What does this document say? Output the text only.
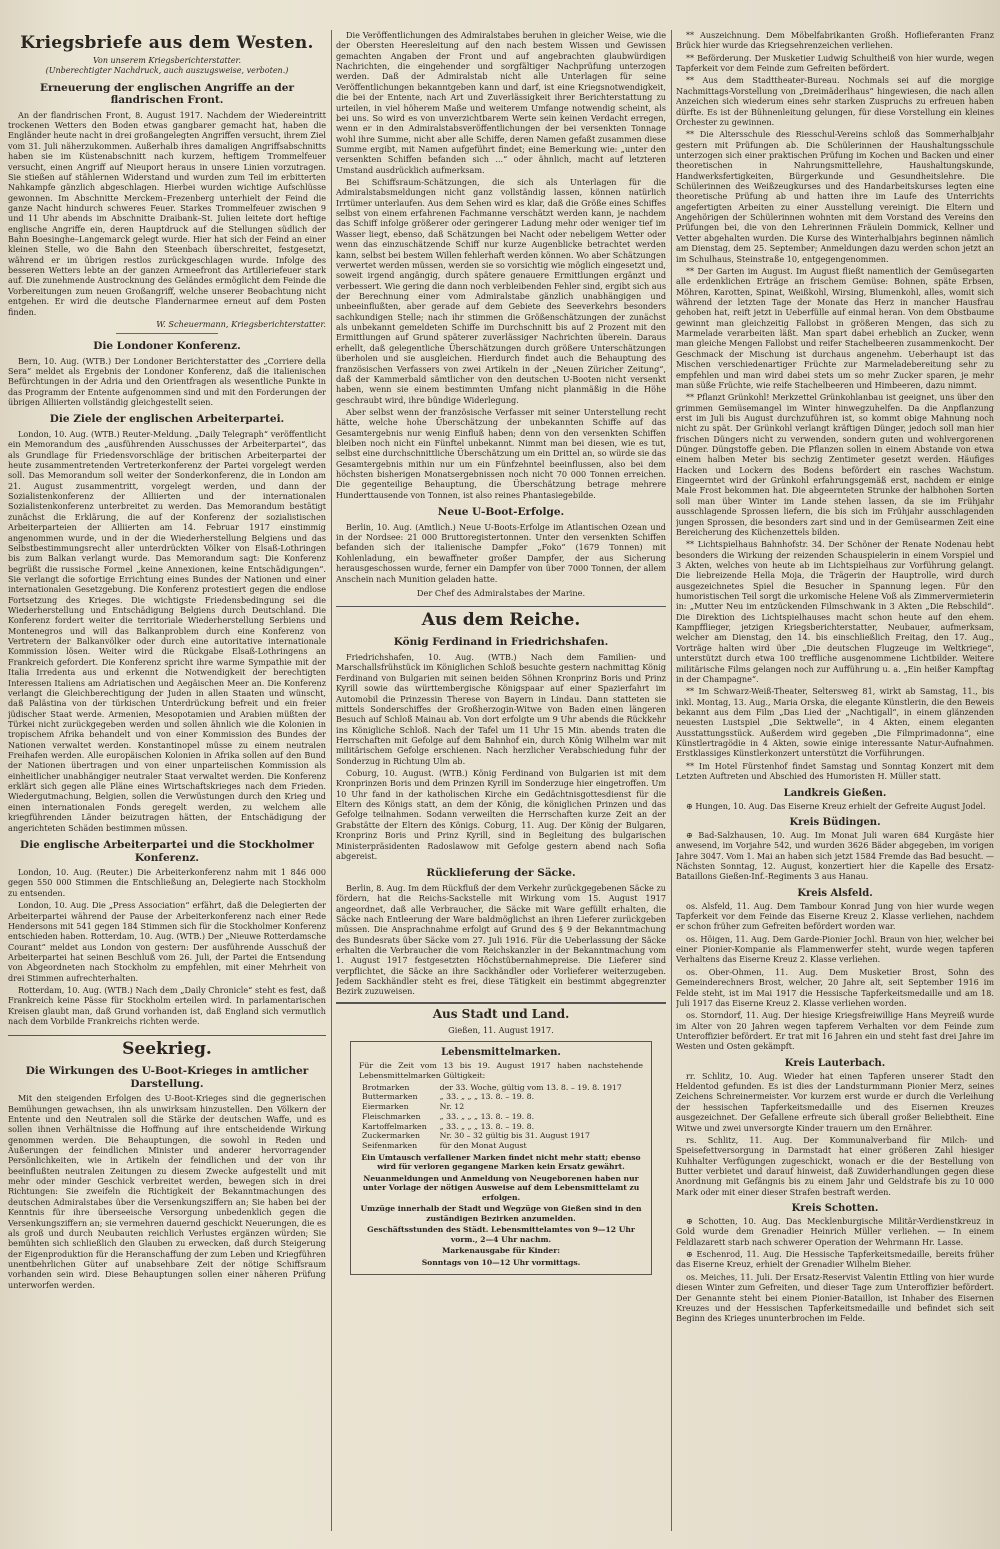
Kriegsbriefe aus dem Westen.
Von unserem Kriegsberichterstatter.
(Unberechtigter Nachdruck, auch auszugsweise, verboten.)
Erneuerung der englischen Angriffe an der flandrischen Front.

An der flandrischen Front, 8. August 1917. Nachdem der Wiedereintritt trockenen Wetters den Boden etwas gangbarer gemacht hat, haben die Engländer heute nacht in drei großangelegten Angriffen versucht, ihrem Ziel vom 31. Juli näherzukommen. Außerhalb ihres damaligen Angriffsabschnitts haben sie im Küstenabschnitt nach kurzem, heftigem Trommelfeuer versucht, einen Angriff auf Nieuport heraus in unsere Linien vorzutragen. Sie stießen auf stählernen Widerstand und wurden zum Teil im erbitterten Nahkampfe gänzlich abgeschlagen. Hierbei wurden wichtige Aufschlüsse gewonnen. Im Abschnitte Merckem–Frezenberg unterhielt der Feind die ganze Nacht hindurch schweres Feuer. Starkes Trommelfeuer zwischen 9 und 11 Uhr abends im Abschnitte Draibank–St. Julien leitete dort heftige englische Angriffe ein, deren Hauptdruck auf die Stellungen südlich der Bahn Boesinghe–Langemarck gelegt wurde. Hier hat sich der Feind an einer kleinen Stelle, wo die Bahn den Steenbach überschreitet, festgesetzt, während er im übrigen restlos zurückgeschlagen wurde. Infolge des besseren Wetters lebte an der ganzen Armeefront das Artilleriefeuer stark auf. Die zunehmende Austrocknung des Geländes ermöglicht dem Feinde die Vorbereitungen zum neuen Großangriff, welche unserer Beobachtung nicht entgehen. Er wird die deutsche Flandernarmee erneut auf dem Posten finden.

W. Scheuermann, Kriegsberichterstatter.
Die Londoner Konferenz.

Bern, 10. Aug. (WTB.) Der Londoner Berichterstatter des „Corriere della Sera“ meldet als Ergebnis der Londoner Konferenz, daß die italienischen Befürchtungen in der Adria und den Orientfragen als wesentliche Punkte in das Programm der Entente aufgenommen sind und mit den Forderungen der übrigen Alliierten vollständig gleichgestellt seien.

Die Ziele der englischen Arbeiterpartei.

London, 10. Aug. (WTB.) Reuter-Meldung. „Daily Telegraph“ veröffentlicht ein Memorandum des „ausführenden Ausschusses der Arbeiterpartei“, das als Grundlage für Friedensvorschläge der britischen Arbeiterpartei der heute zusammentretenden Vertreterkonferenz der Partei vorgelegt werden soll. Das Memorandum soll weiter der Sonderkonferenz, die in London am 21. August zusammentritt, vorgelegt werden, und dann der Sozialistenkonferenz der Alliierten und der internationalen Sozialistenkonferenz unterbreitet zu werden. Das Memorandum bestätigt zunächst die Erklärung, die auf der Konferenz der sozialistischen Arbeiterparteien der Alliierten am 14. Februar 1917 einstimmig angenommen wurde, und in der die Wiederherstellung Belgiens und das Selbstbestimmungsrecht aller unterdrückten Völker von Elsaß-Lothringen bis zum Balkan verlangt wurde. Das Memorandum sagt: Die Konferenz begrüßt die russische Formel „keine Annexionen, keine Entschädigungen“. Sie verlangt die sofortige Errichtung eines Bundes der Nationen und einer internationalen Gesetzgebung. Die Konferenz protestiert gegen die endlose Fortsetzung des Krieges. Die wichtigste Friedensbedingung sei die Wiederherstellung und Entschädigung Belgiens durch Deutschland. Die Konferenz fordert weiter die territoriale Wiederherstellung Serbiens und Montenegros und will das Balkanproblem durch eine Konferenz von Vertretern der Balkanvölker oder durch eine autoritative internationale Kommission lösen. Weiter wird die Rückgabe Elsaß-Lothringens an Frankreich gefordert. Die Konferenz spricht ihre warme Sympathie mit der Italia Irredenta aus und erkennt die Notwendigkeit der berechtigten Interessen Italiens am Adriatischen und Aegäischen Meer an. Die Konferenz verlangt die Gleichberechtigung der Juden in allen Staaten und wünscht, daß Palästina von der türkischen Unterdrückung befreit und ein freier jüdischer Staat werde. Armenien, Mesopotamien und Arabien müßten der Türkei nicht zurückgegeben werden und sollen ähnlich wie die Kolonien in tropischem Afrika behandelt und von einer Kommission des Bundes der Nationen verwaltet werden. Konstantinopel müsse zu einem neutralen Freihafen werden. Alle europäischen Kolonien in Afrika sollen auf den Bund der Nationen übertragen und von einer unparteiischen Kommission als einheitlicher unabhängiger neutraler Staat verwaltet werden. Die Konferenz erklärt sich gegen alle Pläne eines Wirtschaftskrieges nach dem Frieden. Wiedergutmachung, Belgien, sollen die Verwüstungen durch den Krieg und einen internationalen Fonds geregelt werden, zu welchem alle kriegführenden Länder beizutragen hätten, der Entschädigung der angerichteten Schäden bestimmen müssen.

Die englische Arbeiterpartei und die Stockholmer Konferenz.

London, 10. Aug. (Reuter.) Die Arbeiterkonferenz nahm mit 1 846 000 gegen 550 000 Stimmen die Entschließung an, Delegierte nach Stockholm zu entsenden.

London, 10. Aug. Die „Press Association“ erfährt, daß die Delegierten der Arbeiterpartei während der Pause der Arbeiterkonferenz nach einer Rede Hendersons mit 541 gegen 184 Stimmen sich für die Stockholmer Konferenz entschieden haben. Rotterdam, 10. Aug. (WTB.) Der „Nieuwe Rotterdamsche Courant“ meldet aus London von gestern: Der ausführende Ausschuß der Arbeiterpartei hat seinen Beschluß vom 26. Juli, der Partei die Entsendung von Abgeordneten nach Stockholm zu empfehlen, mit einer Mehrheit von drei Stimmen aufrechterhalten.

Rotterdam, 10. Aug. (WTB.) Nach dem „Daily Chronicle“ steht es fest, daß Frankreich keine Pässe für Stockholm erteilen wird. In parlamentarischen Kreisen glaubt man, daß Grund vorhanden ist, daß England sich vermutlich nach dem Vorbilde Frankreichs richten werde.

Seekrieg.
Die Wirkungen des U-Boot-Krieges in amtlicher Darstellung.

Mit den steigenden Erfolgen des U-Boot-Krieges sind die gegnerischen Bemühungen gewachsen, ihn als unwirksam hinzustellen. Den Völkern der Entente und den Neutralen soll die Stärke der deutschen Waffe, und es sollen ihnen Verhältnisse die Hoffnung auf ihre entscheidende Wirkung genommen werden. Die Behauptungen, die sowohl in Reden und Äußerungen der feindlichen Minister und anderer hervorragender Persönlichkeiten, wie in Artikeln der feindlichen und der von ihr beeinflußten neutralen Zeitungen zu diesem Zwecke aufgestellt und mit mehr oder minder Geschick verbreitet werden, bewegen sich in drei Richtungen: Sie zweifeln die Richtigkeit der Bekanntmachungen des deutschen Admiralstabes über die Versenkungsziffern an; Sie haben bei der Kenntnis für ihre überseeische Versorgung unbedenklich gegen die Versenkungsziffern an; sie vermehren dauernd geschickt Neuerungen, die es als groß und durch Neubauten reichlich Verlustes ergänzen würden; Sie bemühten sich schließlich den Glauben zu erwecken, daß durch Steigerung der Eigenproduktion für die Heranschaffung der zum Leben und Kriegführen unentbehrlichen Güter auf unabsehbare Zeit der nötige Schiffsraum vorhanden sein wird. Diese Behauptungen sollen einer näheren Prüfung unterworfen werden.

Die Veröffentlichungen des Admiralstabes beruhen in gleicher Weise, wie die der Obersten Heeresleitung auf den nach bestem Wissen und Gewissen gemachten Angaben der Front und auf angebrachten glaubwürdigen Nachrichten, die eingehender und sorgfältiger Nachprüfung unterzogen werden. Daß der Admiralstab nicht alle Unterlagen für seine Veröffentlichungen bekanntgeben kann und darf, ist eine Kriegsnotwendigkeit, die bei der Entente, nach Art und Zuverlässigkeit ihrer Berichterstattung zu urteilen, in viel höherem Maße und weiterem Umfange notwendig scheint, als bei uns. So wird es von unverzichtbarem Werte sein keinen Verdacht erregen, wenn er in den Admiralstabsveröffentlichungen der bei versenkten Tonnage wohl ihre Summe, nicht aber alle Schiffe, deren Namen gefaßt zusammen diese Summe ergibt, mit Namen aufgeführt findet; eine Bemerkung wie: „unter den versenkten Schiffen befanden sich ...“ oder ähnlich, macht auf letzteren Umstand ausdrücklich aufmerksam.

Bei Schiffsraum-Schätzungen, die sich als Unterlagen für die Admiralstabsmeldungen nicht ganz vollständig lassen, können natürlich Irrtümer unterlaufen. Aus dem Sehen wird es klar, daß die Größe eines Schiffes selbst von einem erfahrenen Fachmanne verschätzt werden kann, je nachdem das Schiff infolge größerer oder geringerer Ladung mehr oder weniger tief im Wasser liegt, ebenso, daß Schätzungen bei Nacht oder nebeligem Wetter oder wenn das einzuschätzende Schiff nur kurze Augenblicke betrachtet werden kann, selbst bei bestem Willen fehlerhaft werden können. Wo aber Schätzungen verwertet werden müssen, werden sie so vorsichtig wie möglich eingesetzt und, soweit irgend angängig, durch spätere genauere Ermittlungen ergänzt und verbessert. Wie gering die dann noch verbleibenden Fehler sind, ergibt sich aus der Berechnung einer vom Admiralstabe gänzlich unabhängigen und unbeeinflußten, aber gerade auf dem Gebiete des Seeverkehrs besonders sachkundigen Stelle; nach ihr stimmen die Größenschätzungen der zunächst als unbekannt gemeldeten Schiffe im Durchschnitt bis auf 2 Prozent mit den Ermittlungen auf Grund späterer zuverlässiger Nachrichten überein. Daraus erhellt, daß gelegentliche Überschätzungen durch größere Unterschätzungen überholen und sie ausgleichen. Hierdurch findet auch die Behauptung des französischen Verfassers von zwei Artikeln in der „Neuen Züricher Zeitung“, daß der Kammerbald sämtlicher von den deutschen U-Booten nicht versenkt haben, wenn sie einem bestimmten Umfang nicht planmäßig in die Höhe geschraubt wird, ihre bündige Widerlegung.

Aber selbst wenn der französische Verfasser mit seiner Unterstellung recht hätte, welche hohe Überschätzung der unbekannten Schiffe auf das Gesamtergebnis nur wenig Einfluß haben; denn von den versenkten Schiffen bleiben noch nicht ein Fünftel unbekannt. Nimmt man bei diesen, wie es tut, selbst eine durchschnittliche Überschätzung um ein Drittel an, so würde sie das Gesamtergebnis mithin nur um ein Fünfzehntel beeinflussen, also bei dem höchsten bisherigen Monatsergebnissen noch nicht 70 000 Tonnen erreichen. Die gegenteilige Behauptung, die Überschätzung betrage mehrere Hunderttausende von Tonnen, ist also reines Phantasiegebilde.

Neue U-Boot-Erfolge.

Berlin, 10. Aug. (Amtlich.) Neue U-Boots-Erfolge im Atlantischen Ozean und in der Nordsee: 21 000 Bruttoregistertonnen. Unter den versenkten Schiffen befanden sich der italienische Dampfer „Foko“ (1679 Tonnen) mit Kohlenladung, ein bewaffneter großer Dampfer, der aus Sicherung herausgeschossen wurde, ferner ein Dampfer von über 7000 Tonnen, der allem Anschein nach Munition geladen hatte.

Der Chef des Admiralstabes der Marine.
Aus dem Reiche.
König Ferdinand in Friedrichshafen.

Friedrichshafen, 10. Aug. (WTB.) Nach dem Familien- und Marschallsfrühstück im Königlichen Schloß besuchte gestern nachmittag König Ferdinand von Bulgarien mit seinen beiden Söhnen Kronprinz Boris und Prinz Kyrill sowie das württembergische Königspaar auf einer Spazierfahrt im Automobil die Prinzessin Therese von Bayern in Lindau. Dann statteten sie mittels Sonderschiffes der Großherzogin-Witwe von Baden einen längeren Besuch auf Schloß Mainau ab. Von dort erfolgte um 9 Uhr abends die Rückkehr ins Königliche Schloß. Nach der Tafel um 11 Uhr 15 Min. abends traten die Herrschaften mit Gefolge auf dem Bahnhof ein, durch König Wilhelm war mit militärischem Gefolge erschienen. Nach herzlicher Verabschiedung fuhr der Sonderzug in Richtung Ulm ab.

Coburg, 10. August. (WTB.) König Ferdinand von Bulgarien ist mit dem Kronprinzen Boris und dem Prinzen Kyrill im Sonderzuge hier eingetroffen. Um 10 Uhr fand in der katholischen Kirche ein Gedächtnisgottesdienst für die Eltern des Königs statt, an dem der König, die königlichen Prinzen und das Gefolge teilnahmen. Sodann verweilten die Herrschaften kurze Zeit an der Grabstätte der Eltern des Königs. Coburg, 11. Aug. Der König der Bulgaren, Kronprinz Boris und Prinz Kyrill, sind in Begleitung des bulgarischen Ministerpräsidenten Radoslawow mit Gefolge gestern abend nach Sofia abgereist.

Rücklieferung der Säcke.

Berlin, 8. Aug. Im dem Rückfluß der dem Verkehr zurückgegebenen Säcke zu fördern, hat die Reichs-Sackstelle mit Wirkung vom 15. August 1917 angeordnet, daß alle Verbraucher, die Säcke mit Ware gefüllt erhalten, die Säcke nach Entleerung der Ware baldmöglichst an ihren Lieferer zurückgeben müssen. Die Ansprachnahme erfolgt auf Grund des § 9 der Bekanntmachung des Bundesrats über Säcke vom 27. Juli 1916. Für die Ueberlassung der Säcke erhalten die Verbraucher die vom Reichskanzler in der Bekanntmachung vom 1. August 1917 festgesetzten Höchstübernahmepreise. Die Lieferer sind verpflichtet, die Säcke an ihre Sackhändler oder Vorlieferer weiterzugeben. Jedem Sackhändler steht es frei, diese Tätigkeit ein bestimmt abgegrenzter Bezirk zuzuweisen.

Aus Stadt und Land.
Gießen, 11. August 1917.
Lebensmittelmarken.

Für die Zeit vom 13 bis 19. August 1917 haben nachstehende Lebensmittelmarken Gültigkeit:

Brotmarken	der 33. Woche, gültig vom 13. 8. – 19. 8. 1917
Buttermarken	„ 33. „ „ „ 13. 8. – 19. 8.
Eiermarken	Nr. 12
Fleischmarken	„ 33. „ „ „ 13. 8. – 19. 8.
Kartoffelmarken	„ 33. „ „ „ 13. 8. – 19. 8.
Zuckermarken	Nr. 30 – 32 gültig bis 31. August 1917
Seifenmarken	für den Monat August
Ein Umtausch verfallener Marken findet nicht mehr statt; ebenso wird für verloren gegangene Marken kein Ersatz gewährt.
Neuanmeldungen und Anmeldung von Neugeborenen haben nur unter Vorlage der nötigen Ausweise auf dem Lebensmittelamt zu erfolgen.
Umzüge innerhalb der Stadt und Wegzüge von Gießen sind in den zuständigen Bezirken anzumelden.
Geschäftsstunden des Städt. Lebensmittelamtes von 9—12 Uhr vorm., 2—4 Uhr nachm.
Markenausgabe für Kinder:
Sonntags von 10—12 Uhr vormittags.

** Auszeichnung. Dem Möbelfabrikanten Großh. Hoflieferanten Franz Brück hier wurde das Kriegsehrenzeichen verliehen.

** Beförderung. Der Musketier Ludwig Schultheiß von hier wurde, wegen Tapferkeit vor dem Feinde zum Gefreiten befördert.

** Aus dem Stadttheater-Bureau. Nochmals sei auf die morgige Nachmittags-Vorstellung von „Dreimäderlhaus“ hingewiesen, die nach allen Anzeichen sich wiederum eines sehr starken Zuspruchs zu erfreuen haben dürfte. Es ist der Bühnenleitung gelungen, für diese Vorstellung ein kleines Orchester zu gewinnen.

** Die Altersschule des Riesschul-Vereins schloß das Sommerhalbjahr gestern mit Prüfungen ab. Die Schülerinnen der Haushaltungsschule unterzogen sich einer praktischen Prüfung im Kochen und Backen und einer theoretischen in Nahrungsmittellehre, Haushaltungskunde, Handwerksfertigkeiten, Bürgerkunde und Gesundheitslehre. Die Schülerinnen des Weißzeugkurses und des Handarbeitskurses legten eine theoretische Prüfung ab und hatten ihre im Laufe des Unterrichts angefertigten Arbeiten zu einer Ausstellung vereinigt. Die Eltern und Angehörigen der Schülerinnen wohnten mit dem Vorstand des Vereins den Prüfungen bei, die von den Lehrerinnen Fräulein Dommick, Kellner und Vetter abgehalten wurden. Die Kurse des Winterhalbjahrs beginnen nämlich am Dienstag, dem 25. September; Anmeldungen dazu werden schon jetzt an im Schulhaus, Steinstraße 10, entgegengenommen.

** Der Garten im August. Im August fließt namentlich der Gemüsegarten alle erdenklichen Erträge an frischem Gemüse: Bohnen, späte Erbsen, Möhren, Karotten, Spinat, Weißkohl, Wirsing, Blumenkohl, alles, womit sich während der letzten Tage der Monate das Herz in mancher Hausfrau gehoben hat, reift jetzt in Ueberfülle auf einmal heran. Von dem Obstbaume gewinnt man gleichzeitig Fallobst in größeren Mengen, das sich zu Marmelade verarbeiten läßt. Man spart dabei erheblich an Zucker, wenn man gleiche Mengen Fallobst und reifer Stachelbeeren zusammenkocht. Der Geschmack der Mischung ist durchaus angenehm. Ueberhaupt ist das Mischen verschiedenartiger Früchte zur Marmeladebereitung sehr zu empfehlen und man wird dabei stets um so mehr Zucker sparen, je mehr man süße Früchte, wie reife Stachelbeeren und Himbeeren, dazu nimmt.

** Pflanzt Grünkohl! Merkzettel Grünkohlanbau ist geeignet, uns über den grimmen Gemüsemangel im Winter hinwegzuhelfen. Da die Anpflanzung erst im Juli bis August durchzuführen ist, so kommt obige Mahnung noch nicht zu spät. Der Grünkohl verlangt kräftigen Dünger, jedoch soll man hier frischen Düngers nicht zu verwenden, sondern guten und wohlvergorenen Dünger. Düngstoffe geben. Die Pflanzen sollen in einem Abstande von etwa einem halben Meter bis sechzig Zentimeter gesetzt werden. Häufiges Hacken und Lockern des Bodens befördert ein rasches Wachstum. Eingeerntet wird der Grünkohl erfahrungsgemäß erst, nachdem er einige Male Frost bekommen hat. Die abgeernteten Strunke der halbhohen Sorten soll man über Winter im Lande stehen lassen, da sie im Frühjahr ausschlagende Sprossen liefern, die bis sich im Frühjahr ausschlagenden jungen Sprossen, die besonders zart sind und in der Gemüsearmen Zeit eine Bereicherung des Küchenzettels bilden.

** Lichtspielhaus Bahnhofstr. 34. Der Schöner der Renate Nodenau hebt besonders die Wirkung der reizenden Schauspielerin in einem Vorspiel und 3 Akten, welches von heute ab im Lichtspielhaus zur Vorführung gelangt. Die liebreizende Hella Moja, die Trägerin der Hauptrolle, wird durch ausgezeichnetes Spiel die Besucher in Spannung legen. Für den humoristischen Teil sorgt die urkomische Helene Voß als Zimmervermieterin in: „Mutter Neu im entzückenden Filmschwank in 3 Akten „Die Rebschild“. Die Direktion des Lichtspielhauses macht schon heute auf den ehem. Kampfflieger, jetzigen Kriegsberichterstatter, Neubauer, aufmerksam, welcher am Dienstag, den 14. bis einschließlich Freitag, den 17. Aug., Vorträge halten wird über „Die deutschen Flugzeuge im Weltkriege“, unterstützt durch etwa 100 treffliche ausgenommene Lichtbilder. Weitere militärische Films gelangen noch zur Aufführung u. a. „Ein heißer Kampftag in der Champagne“.

** Im Schwarz-Weiß-Theater, Seltersweg 81, wirkt ab Samstag, 11., bis inkl. Montag, 13. Aug., Maria Orska, die elegante Künstlerin, die den Beweis bekannt aus dem Film „Das Lied der „Nachtigall“, in einem glänzenden neuesten Lustspiel „Die Sektwelle“, in 4 Akten, einem eleganten Ausstattungsstück. Außerdem wird gegeben „Die Filmprimadonna“, eine Künstlertragödie in 4 Akten, sowie einige interessante Natur-Aufnahmen. Erstklassiges Künstlerkonzert unterstützt die Vorführungen.

** Im Hotel Fürstenhof findet Samstag und Sonntag Konzert mit dem Letzten Auftreten und Abschied des Humoristen H. Müller statt.

Landkreis Gießen.

⊕ Hungen, 10. Aug. Das Eiserne Kreuz erhielt der Gefreite August Jodel.

Kreis Büdingen.

⊕ Bad-Salzhausen, 10. Aug. Im Monat Juli waren 684 Kurgäste hier anwesend, im Vorjahre 542, und wurden 3626 Bäder abgegeben, im vorigen Jahre 3047. Vom 1. Mai an haben sich jetzt 1584 Fremde das Bad besucht. — Nächsten Sonntag, 12. August, konzertiert hier die Kapelle des Ersatz-Bataillons Gießen-Inf.-Regiments 3 aus Hanau.

Kreis Alsfeld.

os. Alsfeld, 11. Aug. Dem Tambour Konrad Jung von hier wurde wegen Tapferkeit vor dem Feinde das Eiserne Kreuz 2. Klasse verliehen, nachdem er schon früher zum Gefreiten befördert worden war.

os. Höigen, 11. Aug. Dem Garde-Pionier Jochl. Braun von hier, welcher bei einer Pionier-Kompanie als Flammenwerfer steht, wurde wegen tapferen Verhaltens das Eiserne Kreuz 2. Klasse verliehen.

os. Ober-Ohmen, 11. Aug. Dem Musketier Brost, Sohn des Gemeinderechners Brost, welcher, 20 Jahre alt, seit September 1916 im Felde steht, ist im Mai 1917 die Hessische Tapferkeitsmedaille und am 18. Juli 1917 das Eiserne Kreuz 2. Klasse verliehen worden.

os. Storndorf, 11. Aug. Der hiesige Kriegsfreiwillige Hans Meyreiß wurde im Alter von 20 Jahren wegen tapferem Verhalten vor dem Feinde zum Unteroffizier befördert. Er trat mit 16 Jahren ein und steht fast drei Jahre im Westen und Osten gekämpft.

Kreis Lauterbach.

rr. Schlitz, 10. Aug. Wieder hat einen Tapferen unserer Stadt den Heldentod gefunden. Es ist dies der Landsturmmann Pionier Merz, seines Zeichens Schreinermeister. Vor kurzem erst wurde er durch die Verleihung der hessischen Tapferkeitsmedaille und des Eisernen Kreuzes ausgezeichnet. Der Gefallene erfreute sich überall großer Beliebtheit. Eine Witwe und zwei unversorgte Kinder trauern um den Ernährer.

rs. Schlitz, 11. Aug. Der Kommunalverband für Milch- und Speisefettversorgung in Darmstadt hat einer größeren Zahl hiesiger Kuhhalter Verfügungen zugeschickt, wonach er die der Bestellung von Butter verbietet und darauf hinweist, daß Zuwiderhandlungen gegen diese Anordnung mit Gefängnis bis zu einem Jahr und Geldstrafe bis zu 10 000 Mark oder mit einer dieser Strafen bestraft werden.

Kreis Schotten.

⊕ Schotten, 10. Aug. Das Mecklenburgische Militär-Verdienstkreuz in Gold wurde dem Grenadier Heinrich Müller verliehen. — In einem Feldlazarett starb nach schwerer Operation der Wehrmann Hr. Lasse.

⊕ Eschenrod, 11. Aug. Die Hessische Tapferkeitsmedaille, bereits früher das Eiserne Kreuz, erhielt der Grenadier Wilhelm Bieher.

os. Meiches, 11. Juli. Der Ersatz-Reservist Valentin Ettling von hier wurde diesen Winter zum Gefreiten, und dieser Tage zum Unteroffizier befördert. Der Genannte steht bei einem Pionier-Bataillon, ist Inhaber des Eisernen Kreuzes und der Hessischen Tapferkeitsmedaille und befindet sich seit Beginn des Krieges ununterbrochen im Felde.
